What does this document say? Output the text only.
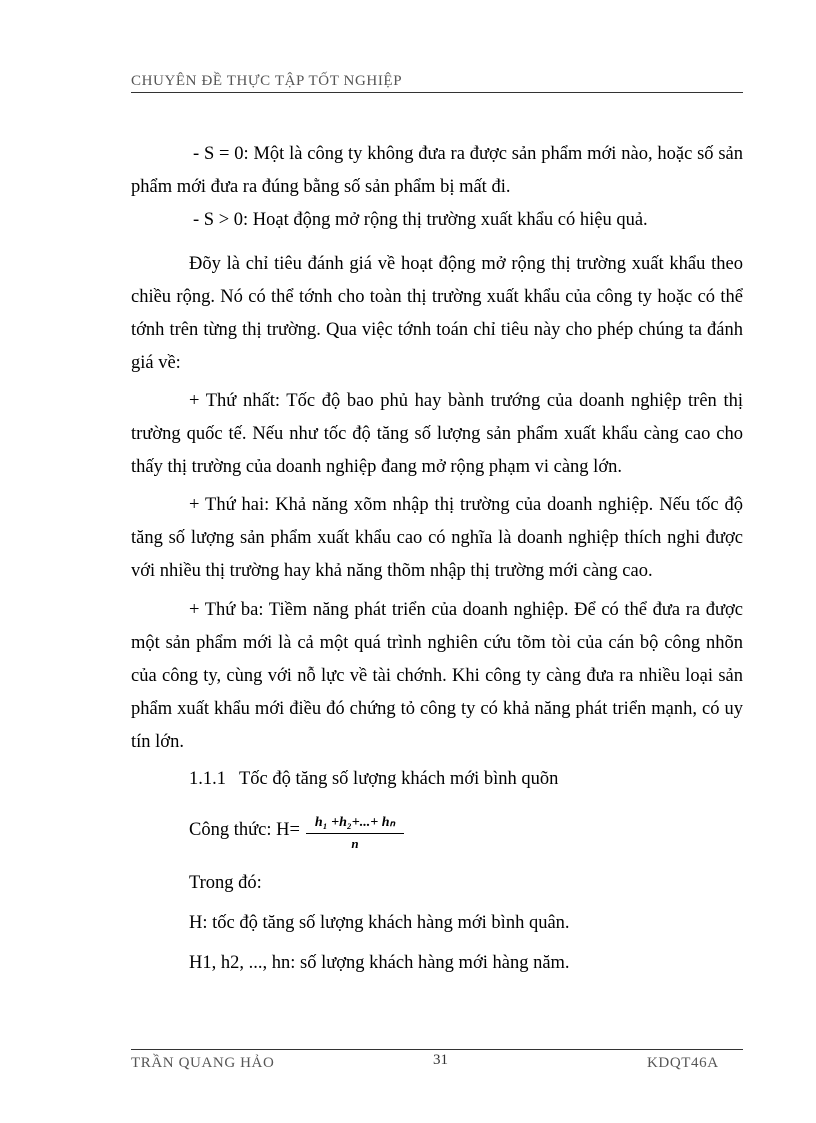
CHUYÊN ĐỀ THỰC TẬP TỐT NGHIỆP

- S = 0: Một là công ty không đưa ra được sản phẩm mới nào, hoặc số sản phẩm mới đưa ra đúng bằng số sản phẩm bị mất đi.

- S > 0: Hoạt động mở rộng thị trường xuất khẩu có hiệu quả.

Đõy là chỉ tiêu đánh giá về hoạt động mở rộng thị trường xuất khẩu theo chiều rộng. Nó có thể tớnh cho toàn thị trường xuất khẩu của công ty hoặc có thể tớnh trên từng thị trường. Qua việc tớnh toán chỉ tiêu này cho phép chúng ta đánh giá về:

+ Thứ nhất: Tốc độ bao phủ hay bành trướng của doanh nghiệp trên thị trường quốc tế. Nếu như tốc độ tăng số lượng sản phẩm xuất khẩu càng cao cho thấy thị trường của doanh nghiệp đang mở rộng phạm vi càng lớn.

+ Thứ hai: Khả năng xõm nhập thị trường của doanh nghiệp. Nếu tốc độ tăng số lượng sản phẩm xuất khẩu cao có nghĩa là doanh nghiệp thích nghi được với nhiều thị trường hay khả năng thõm nhập thị trường mới càng cao.

+ Thứ ba: Tiềm năng phát triển của doanh nghiệp. Để có thể đưa ra được một sản phẩm mới là cả một quá trình nghiên cứu tõm tòi của cán bộ công nhõn của công ty, cùng với nỗ lực về tài chớnh. Khi công ty càng đưa ra nhiều loại sản phẩm xuất khẩu mới điều đó chứng tỏ công ty có khả năng phát triển mạnh, có uy tín lớn.

1.1.1 Tốc độ tăng số lượng khách mới bình quõn
Công thức: $H= \frac{\text{h₁ +h₂+...+ hₙ}}{n}$
Trong đó:
H: tốc độ tăng số lượng khách hàng mới bình quân.
H1, h2, ..., hn: số lượng khách hàng mới hàng năm.
TRẦN QUANG HẢO	31	KDQT46A
